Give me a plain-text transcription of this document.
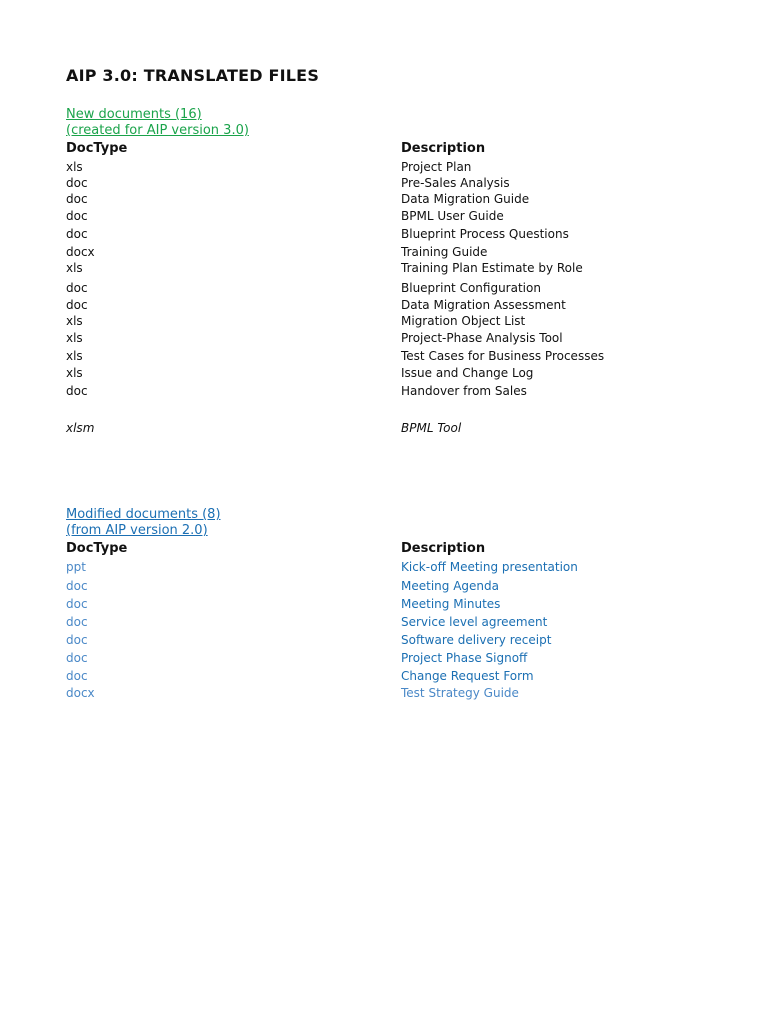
AIP 3.0: TRANSLATED FILES
New documents (16)
(created for AIP version 3.0)
DocType	Description
xls	Project Plan
doc	Pre-Sales Analysis
doc	Data Migration Guide
doc	BPML User Guide
doc	Blueprint Process Questions
docx	Training Guide
xls	Training Plan Estimate by Role
doc	Blueprint Configuration
doc	Data Migration Assessment
xls	Migration Object List
xls	Project-Phase Analysis Tool
xls	Test Cases for Business Processes
xls	Issue and Change Log
doc	Handover from Sales
xlsm	BPML Tool
Modified documents (8)
(from AIP version 2.0)
DocType	Description
ppt	Kick-off Meeting presentation
doc	Meeting Agenda
doc	Meeting Minutes
doc	Service level agreement
doc	Software delivery receipt
doc	Project Phase Signoff
doc	Change Request Form
docx	Test Strategy Guide
